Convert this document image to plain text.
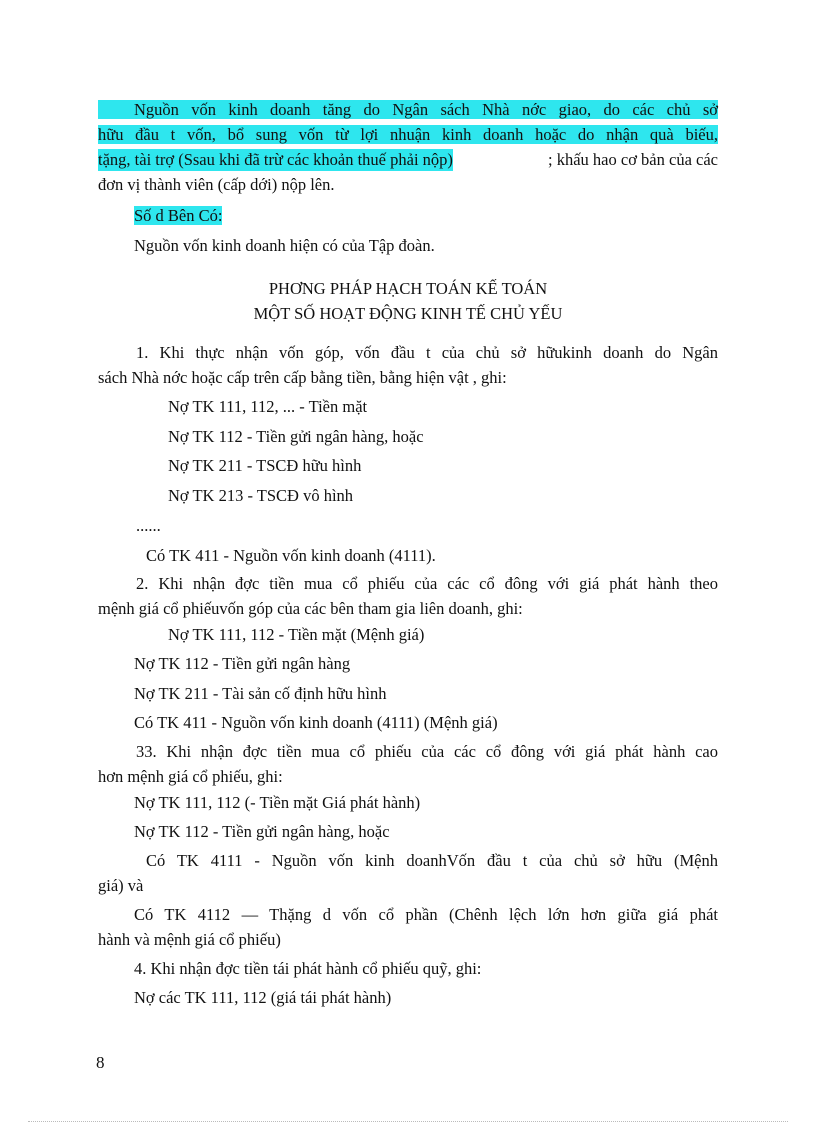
Nguồn vốn kinh doanh tăng do Ngân sách Nhà nớc giao, do các chủ sở
hữu đầu t vốn, bổ sung vốn từ lợi nhuận kinh doanh hoặc do nhận quà biếu,
tặng, tài trợ (Ssau khi đã trừ các khoản thuế phải nộp)	; khấu hao cơ bản của các
đơn vị thành viên (cấp dới) nộp lên.
Số d Bên Có:
Nguồn vốn kinh doanh hiện có của Tập đoàn.
PHƠNG PHÁP HẠCH TOÁN KẾ TOÁN
MỘT SỐ HOẠT ĐỘNG KINH TẾ CHỦ YẾU
1. Khi thực nhận vốn góp, vốn đầu t của chủ sở hữukinh doanh do Ngân
sách Nhà nớc hoặc cấp trên cấp bằng tiền, bằng hiện vật , ghi:
Nợ TK 111, 112, ... - Tiền mặt
Nợ TK 112 - Tiền gửi ngân hàng, hoặc
Nợ TK 211 - TSCĐ hữu hình
Nợ TK 213 - TSCĐ vô hình
......
Có TK 411 - Nguồn vốn kinh doanh (4111).
2. Khi nhận đợc tiền mua cổ phiếu của các cổ đông với giá phát hành theo
mệnh giá cổ phiếuvốn góp của các bên tham gia liên doanh, ghi:
Nợ TK 111, 112 - Tiền mặt (Mệnh giá)
Nợ TK 112 - Tiền gửi ngân hàng
Nợ TK 211 - Tài sản cố định hữu hình
Có TK 411 - Nguồn vốn kinh doanh (4111) (Mệnh giá)
33. Khi nhận đợc tiền mua cổ phiếu của các cổ đông với giá phát hành cao
hơn mệnh giá cổ phiếu, ghi:
Nợ TK 111, 112 (- Tiền mặt Giá phát hành)
Nợ TK 112 - Tiền gửi ngân hàng, hoặc
Có TK 4111 - Nguồn vốn kinh doanhVốn đầu t của chủ sở hữu (Mệnh
giá) và
Có TK 4112 — Thặng d vốn cổ phần (Chênh lệch lớn hơn giữa giá phát
hành và mệnh giá cổ phiếu)
4. Khi nhận đợc tiền tái phát hành cổ phiếu quỹ, ghi:
Nợ các TK 111, 112 (giá tái phát hành)
8
